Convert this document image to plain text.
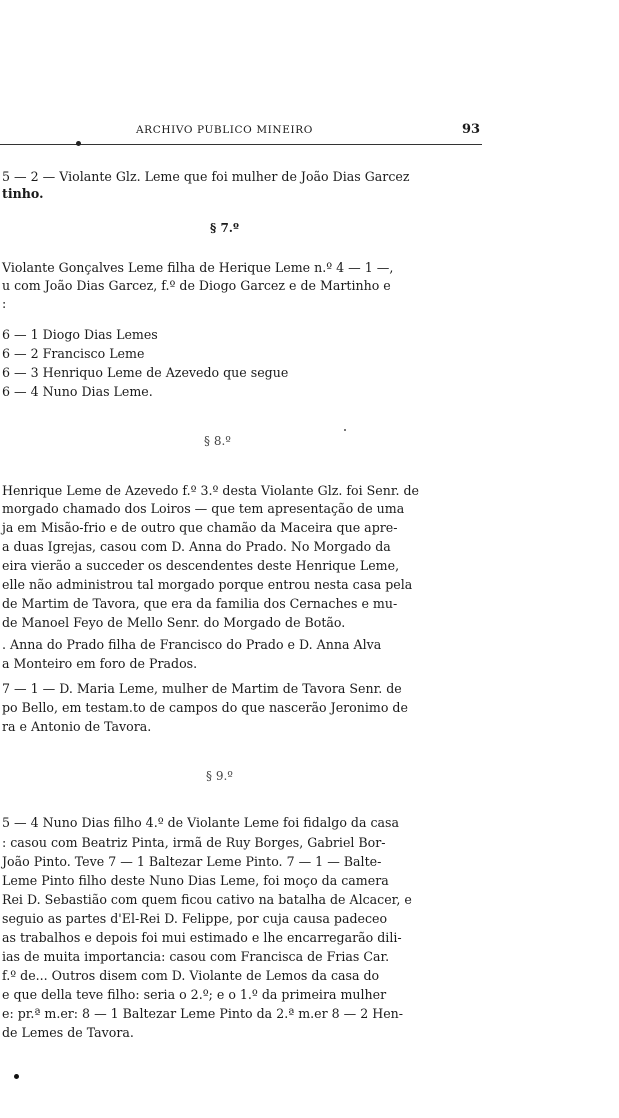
ARCHIVO PUBLICO MINEIRO	93
5 — 2 — Violante Glz. Leme que foi mulher de João Dias Garcez
tinho.
§ 7.º
Violante Gonçalves Leme filha de Herique Leme n.º 4 — 1 —,
u com João Dias Garcez, f.º de Diogo Garcez e de Martinho e
:
6 — 1 Diogo Dias Lemes
6 — 2 Francisco Leme
6 — 3 Henriquo Leme de Azevedo que segue
6 — 4 Nuno Dias Leme.
§ 8.º
Henrique Leme de Azevedo f.º 3.º desta Violante Glz. foi Senr. de
morgado chamado dos Loiros — que tem apresentação de uma
ja em Misão-frio e de outro que chamão da Maceira que apre-
a duas Igrejas, casou com D. Anna do Prado. No Morgado da
eira vierão a succeder os descendentes deste Henrique Leme,
elle não administrou tal morgado porque entrou nesta casa pela
de Martim de Tavora, que era da familia dos Cernaches e mu-
de Manoel Feyo de Mello Senr. do Morgado de Botão.
. Anna do Prado filha de Francisco do Prado e D. Anna Alva
a Monteiro em foro de Prados.
7 — 1 — D. Maria Leme, mulher de Martim de Tavora Senr. de
po Bello, em testam.to de campos do que nascerão Jeronimo de
ra e Antonio de Tavora.
§ 9.º
5 — 4 Nuno Dias filho 4.º de Violante Leme foi fidalgo da casa
: casou com Beatriz Pinta, irmã de Ruy Borges, Gabriel Bor-
João Pinto. Teve 7 — 1 Baltezar Leme Pinto. 7 — 1 — Balte-
Leme Pinto filho deste Nuno Dias Leme, foi moço da camera
Rei D. Sebastião com quem ficou cativo na batalha de Alcacer, e
seguio as partes d'El-Rei D. Felippe, por cuja causa padeceo
as trabalhos e depois foi mui estimado e lhe encarregarão dili-
ias de muita importancia: casou com Francisca de Frias Car.
f.º de... Outros disem com D. Violante de Lemos da casa do
e que della teve filho: seria o 2.º; e o 1.º da primeira mulher
e: pr.ª m.er: 8 — 1 Baltezar Leme Pinto da 2.ª m.er 8 — 2 Hen-
de Lemes de Tavora.
